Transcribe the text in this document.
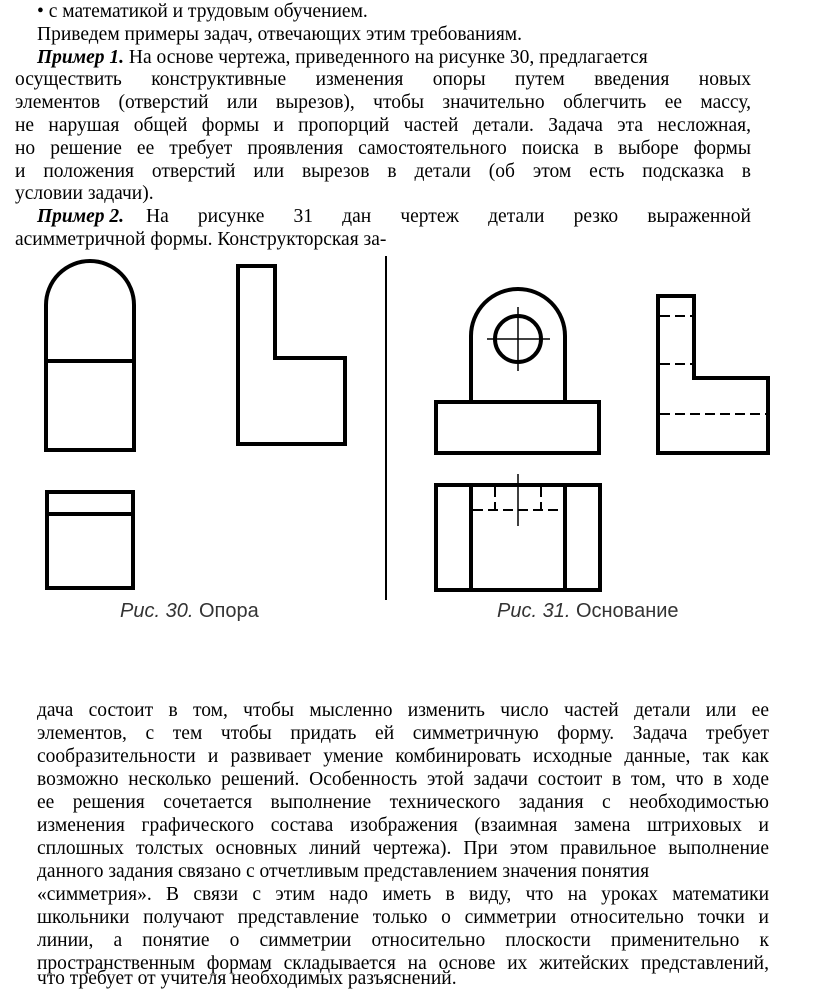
• с математикой и трудовым обучением.
Приведем примеры задач, отвечающих этим требованиям.
Пример 1. На основе чертежа, приведенного на рисунке 30, предлагается
осуществить конструктивные изменения опоры путем введения новых
элементов (отверстий или вырезов), чтобы значительно облегчить ее массу,
не нарушая общей формы и пропорций частей детали. Задача эта несложная,
но решение ее требует проявления самостоятельного поиска в выборе формы
и положения отверстий или вырезов в детали (об этом есть подсказка в
условии задачи).
Пример 2. На рисунке 31 дан чертеж детали резко выраженной
асимметричной формы. Конструкторская за-
Рис. 30. Опора	Рис. 31. Основание
дача состоит в том, чтобы мысленно изменить число частей детали или ее
элементов, с тем чтобы придать ей симметричную форму. Задача требует
сообразительности и развивает умение комбинировать исходные данные, так как
возможно несколько решений. Особенность этой задачи состоит в том, что в ходе
ее решения сочетается выполнение технического задания с необходимостью
изменения графического состава изображения (взаимная замена штриховых и
сплошных толстых основных линий чертежа). При этом правильное выполнение
данного задания связано с отчетливым представлением значения понятия
«симметрия». В связи с этим надо иметь в виду, что на уроках математики
школьники получают представление только о симметрии относительно точки и
линии, а понятие о симметрии относительно плоскости применительно к
пространственным формам складывается на основе их житейских представлений,
что требует от учителя необходимых разъяснений.
